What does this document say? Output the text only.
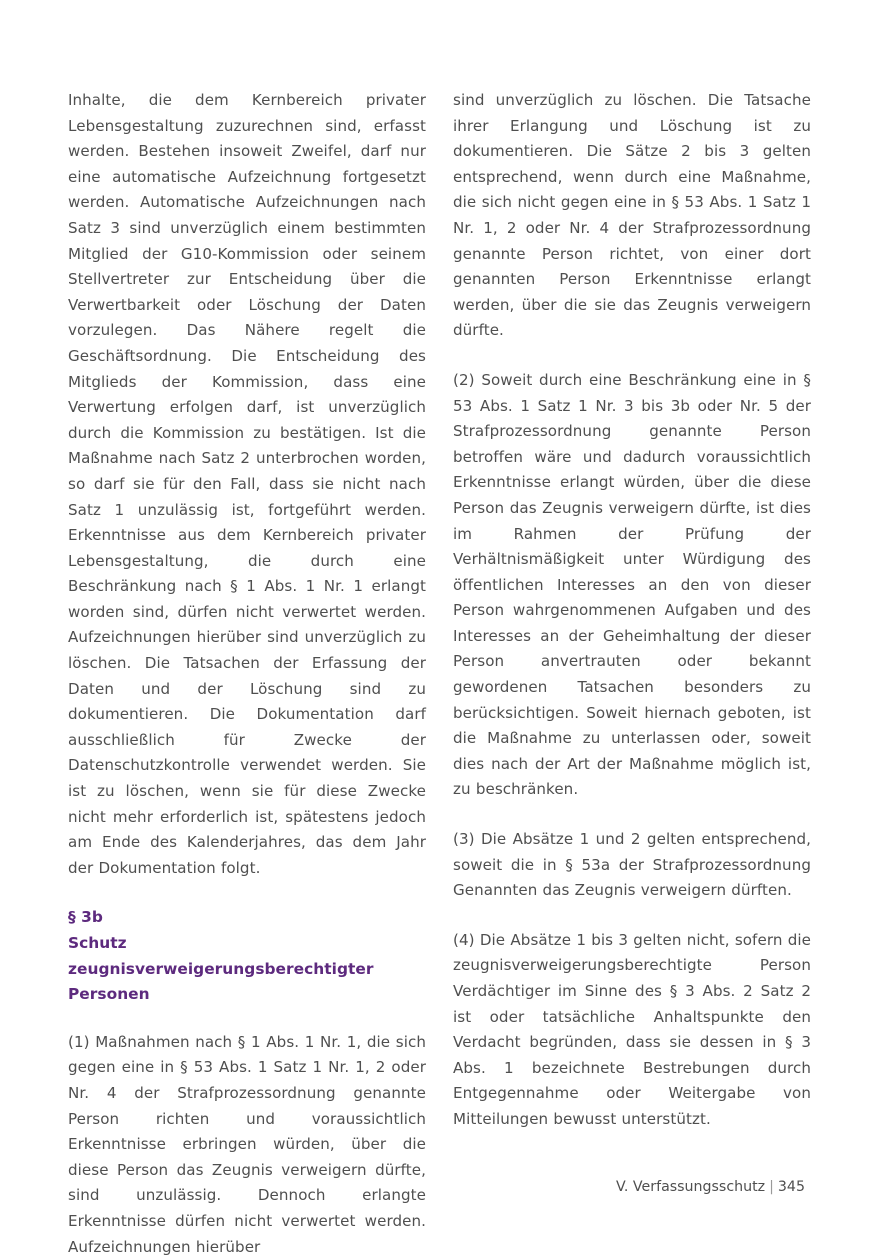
Inhalte, die dem Kernbereich privater Lebensgestaltung zuzurechnen sind, erfasst werden. Bestehen insoweit Zweifel, darf nur eine automatische Aufzeichnung fortgesetzt werden. Automatische Aufzeichnungen nach Satz 3 sind unverzüglich einem bestimmten Mitglied der G10-Kommission oder seinem Stellvertreter zur Entscheidung über die Verwertbarkeit oder Löschung der Daten vorzulegen. Das Nähere regelt die Geschäftsordnung. Die Entscheidung des Mitglieds der Kommission, dass eine Verwertung erfolgen darf, ist unverzüglich durch die Kommission zu bestätigen. Ist die Maßnahme nach Satz 2 unterbrochen worden, so darf sie für den Fall, dass sie nicht nach Satz 1 unzulässig ist, fortgeführt werden. Erkenntnisse aus dem Kernbereich privater Lebensgestaltung, die durch eine Beschränkung nach § 1 Abs. 1 Nr. 1 erlangt worden sind, dürfen nicht verwertet werden. Aufzeichnungen hierüber sind unverzüglich zu löschen. Die Tatsachen der Erfassung der Daten und der Löschung sind zu dokumentieren. Die Dokumentation darf ausschließlich für Zwecke der Datenschutzkontrolle verwendet werden. Sie ist zu löschen, wenn sie für diese Zwecke nicht mehr erforderlich ist, spätestens jedoch am Ende des Kalenderjahres, das dem Jahr der Dokumentation folgt.

§ 3b
Schutz zeugnisverweigerungsberechtigter Personen

(1) Maßnahmen nach § 1 Abs. 1 Nr. 1, die sich gegen eine in § 53 Abs. 1 Satz 1 Nr. 1, 2 oder Nr. 4 der Strafprozessordnung genannte Person richten und voraussichtlich Erkenntnisse erbringen würden, über die diese Person das Zeugnis verweigern dürfte, sind unzulässig. Dennoch erlangte Erkenntnisse dürfen nicht verwertet werden. Aufzeichnungen hierüber

sind unverzüglich zu löschen. Die Tatsache ihrer Erlangung und Löschung ist zu dokumentieren. Die Sätze 2 bis 3 gelten entsprechend, wenn durch eine Maßnahme, die sich nicht gegen eine in § 53 Abs. 1 Satz 1 Nr. 1, 2 oder Nr. 4 der Strafprozessordnung genannte Person richtet, von einer dort genannten Person Erkenntnisse erlangt werden, über die sie das Zeugnis verweigern dürfte.

(2) Soweit durch eine Beschränkung eine in § 53 Abs. 1 Satz 1 Nr. 3 bis 3b oder Nr. 5 der Strafprozessordnung genannte Person betroffen wäre und dadurch voraussichtlich Erkenntnisse erlangt würden, über die diese Person das Zeugnis verweigern dürfte, ist dies im Rahmen der Prüfung der Verhältnismäßigkeit unter Würdigung des öffentlichen Interesses an den von dieser Person wahrgenommenen Aufgaben und des Interesses an der Geheimhaltung der dieser Person anvertrauten oder bekannt gewordenen Tatsachen besonders zu berücksichtigen. Soweit hiernach geboten, ist die Maßnahme zu unterlassen oder, soweit dies nach der Art der Maßnahme möglich ist, zu beschränken.

(3) Die Absätze 1 und 2 gelten entsprechend, soweit die in § 53a der Strafprozessordnung Genannten das Zeugnis verweigern dürften.

(4) Die Absätze 1 bis 3 gelten nicht, sofern die zeugnisverweigerungsberechtigte Person Verdächtiger im Sinne des § 3 Abs. 2 Satz 2 ist oder tatsächliche Anhaltspunkte den Verdacht begründen, dass sie dessen in § 3 Abs. 1 bezeichnete Bestrebungen durch Entgegennahme oder Weitergabe von Mitteilungen bewusst unterstützt.

V. Verfassungsschutz | 345
